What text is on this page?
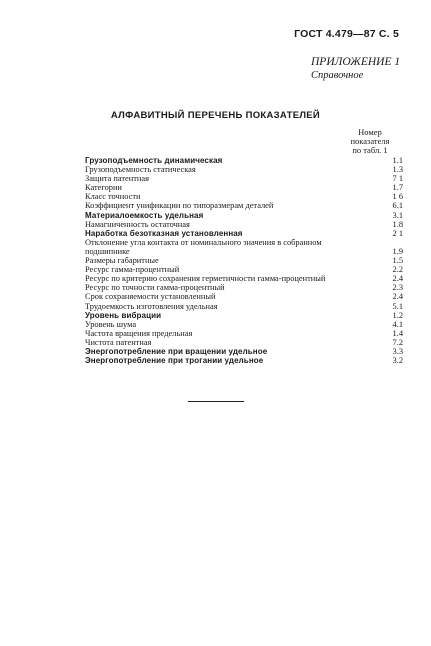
ГОСТ 4.479—87 С. 5
ПРИЛОЖЕНИЕ 1
Справочное
АЛФАВИТНЫЙ ПЕРЕЧЕНЬ ПОКАЗАТЕЛЕЙ
Номер
показателя
по табл. 1
Грузоподъемность динамическая	1.1
Грузоподъемность статическая	1.3
Защита патентная	7 1
Категории	1.7
Класс точности	1 6
Коэффициент унификации по типоразмерам деталей	6.1
Материалоемкость удельная	3.1
Намагниченность остаточная	1.8
Наработка безотказная установленная	2 1
Отклонение угла контакта от номинального значения в собранном подшипнике	1.9
Размеры габаритные	1.5
Ресурс гамма-процентный	2.2
Ресурс по критерию сохранения герметичности гамма-процентный	2.4
Ресурс по точности гамма-процентный	2.3
Срок сохраняемости установленный	2.4
Трудоемкость изготовления удельная	5.1
Уровень вибрации	1.2
Уровень шума	4.1
Частота вращения предельная	1.4
Чистота патентная	7.2
Энергопотребление при вращении удельное	3.3
Энергопотребление при трогании удельное	3.2
